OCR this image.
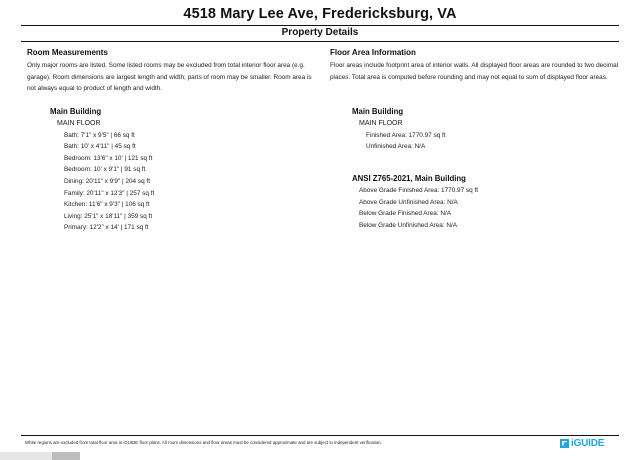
4518 Mary Lee Ave, Fredericksburg, VA
Property Details
Room Measurements
Only major rooms are listed. Some listed rooms may be excluded from total interior floor area (e.g. garage). Room dimensions are largest length and width; parts of room may be smaller. Room area is not always equal to product of length and width.
Floor Area Information
Floor areas include footprint area of interior walls. All displayed floor areas are rounded to two decimal places. Total area is computed before rounding and may not equal to sum of displayed floor areas.
Main Building
MAIN FLOOR
Bath: 7'1" x 9'5" | 66 sq ft
Bath: 10' x 4'11" | 45 sq ft
Bedroom: 13'6" x 10' | 121 sq ft
Bedroom: 10' x 9'1" | 91 sq ft
Dining: 20'11" x 9'9" | 204 sq ft
Family: 20'11" x 12'3" | 257 sq ft
Kitchen: 11'6" x 9'3" | 106 sq ft
Living: 25'1" x 18'11" | 359 sq ft
Primary: 12'2" x 14' | 171 sq ft
Main Building
MAIN FLOOR
Finished Area: 1770.97 sq ft
Unfinished Area: N/A
ANSI Z765-2021, Main Building
Above Grade Finished Area: 1770.97 sq ft
Above Grade Unfinished Area: N/A
Below Grade Finished Area: N/A
Below Grade Unfinished Area: N/A
White regions are excluded from total floor area in iGUIDE floor plans. All room dimensions and floor areas must be considered approximate and are subject to independent verification.	iGUIDE
